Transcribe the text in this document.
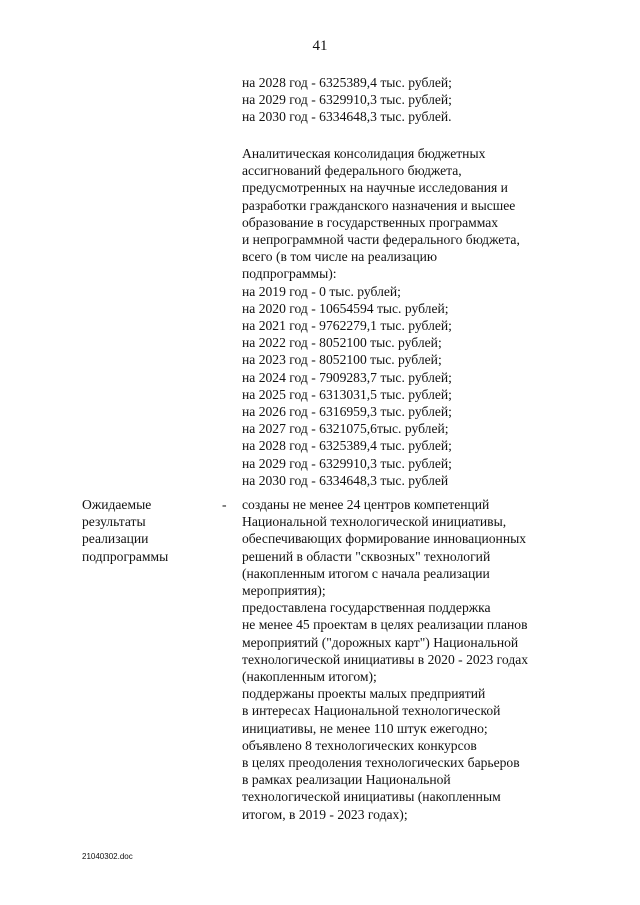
41
на 2028 год - 6325389,4 тыс. рублей;
на 2029 год - 6329910,3 тыс. рублей;
на 2030 год - 6334648,3 тыс. рублей.
Аналитическая консолидация бюджетных
ассигнований федерального бюджета,
предусмотренных на научные исследования и
разработки гражданского назначения и высшее
образование в государственных программах
и непрограммной части федерального бюджета,
всего (в том числе на реализацию
подпрограммы):
на 2019 год - 0 тыс. рублей;
на 2020 год - 10654594 тыс. рублей;
на 2021 год - 9762279,1 тыс. рублей;
на 2022 год - 8052100 тыс. рублей;
на 2023 год - 8052100 тыс. рублей;
на 2024 год - 7909283,7 тыс. рублей;
на 2025 год - 6313031,5 тыс. рублей;
на 2026 год - 6316959,3 тыс. рублей;
на 2027 год - 6321075,6тыс. рублей;
на 2028 год - 6325389,4 тыс. рублей;
на 2029 год - 6329910,3 тыс. рублей;
на 2030 год - 6334648,3 тыс. рублей
Ожидаемые
результаты
реализации
подпрограммы
- созданы не менее 24 центров компетенций
Национальной технологической инициативы,
обеспечивающих формирование инновационных
решений в области "сквозных" технологий
(накопленным итогом с начала реализации
мероприятия);
предоставлена государственная поддержка
не менее 45 проектам в целях реализации планов
мероприятий ("дорожных карт") Национальной
технологической инициативы в 2020 - 2023 годах
(накопленным итогом);
поддержаны проекты малых предприятий
в интересах Национальной технологической
инициативы, не менее 110 штук ежегодно;
объявлено 8 технологических конкурсов
в целях преодоления технологических барьеров
в рамках реализации Национальной
технологической инициативы (накопленным
итогом, в 2019 - 2023 годах);
21040302.doc
